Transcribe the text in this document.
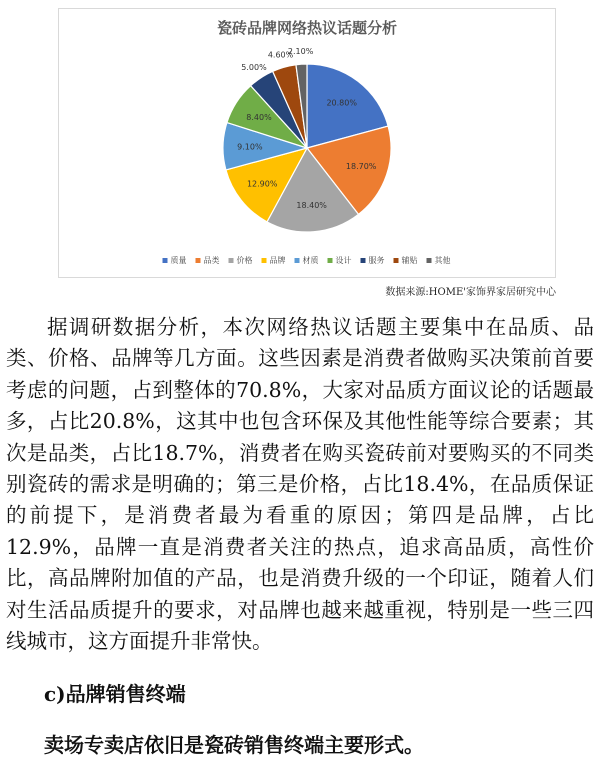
瓷砖品牌网络热议话题分析
20.80%
18.70%
18.40%
12.90%
9.10%
8.40%
5.00%
4.60%
2.10%
质量 品类 价格 品牌 材质 设计 服务 辅贴 其他
数据来源:HOME'家饰界家居研究中心

据调研数据分析，本次网络热议话题主要集中在品质、品类、价格、品牌等几方面。这些因素是消费者做购买决策前首要考虑的问题，占到整体的70.8%，大家对品质方面议论的话题最多，占比20.8%，这其中也包含环保及其他性能等综合要素；其次是品类，占比18.7%，消费者在购买瓷砖前对要购买的不同类别瓷砖的需求是明确的；第三是价格，占比18.4%，在品质保证的前提下，是消费者最为看重的原因；第四是品牌，占比12.9%，品牌一直是消费者关注的热点，追求高品质，高性价比，高品牌附加值的产品，也是消费升级的一个印证，随着人们对生活品质提升的要求，对品牌也越来越重视，特别是一些三四线城市，这方面提升非常快。

c)品牌销售终端

卖场专卖店依旧是瓷砖销售终端主要形式。
